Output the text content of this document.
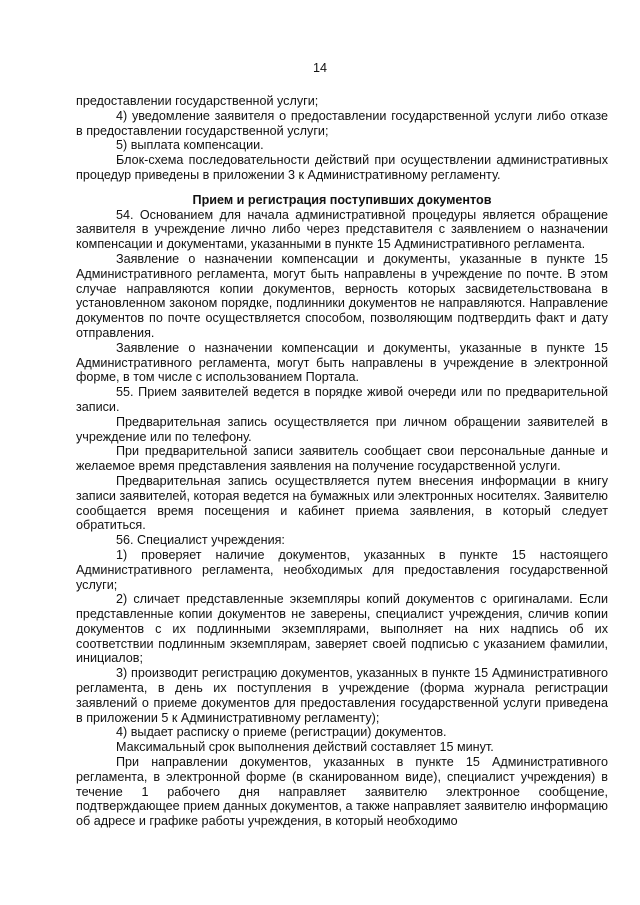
14

предоставлении государственной услуги;

4) уведомление заявителя о предоставлении государственной услуги либо отказе в предоставлении государственной услуги;

5) выплата компенсации.

Блок-схема последовательности действий при осуществлении административных процедур приведены в приложении 3 к Административному регламенту.

Прием и регистрация поступивших документов

54. Основанием для начала административной процедуры является обращение заявителя в учреждение лично либо через представителя с заявлением о назначении компенсации и документами, указанными в пункте 15 Административного регламента.

Заявление о назначении компенсации и документы, указанные в пункте 15 Административного регламента, могут быть направлены в учреждение по почте. В этом случае направляются копии документов, верность которых засвидетельствована в установленном законом порядке, подлинники документов не направляются. Направление документов по почте осуществляется способом, позволяющим подтвердить факт и дату отправления.

Заявление о назначении компенсации и документы, указанные в пункте 15 Административного регламента, могут быть направлены в учреждение в электронной форме, в том числе с использованием Портала.

55. Прием заявителей ведется в порядке живой очереди или по предварительной записи.

Предварительная запись осуществляется при личном обращении заявителей в учреждение или по телефону.

При предварительной записи заявитель сообщает свои персональные данные и желаемое время представления заявления на получение государственной услуги.

Предварительная запись осуществляется путем внесения информации в книгу записи заявителей, которая ведется на бумажных или электронных носителях. Заявителю сообщается время посещения и кабинет приема заявления, в который следует обратиться.

56. Специалист учреждения:

1) проверяет наличие документов, указанных в пункте 15 настоящего Административного регламента, необходимых для предоставления государственной услуги;

2) сличает представленные экземпляры копий документов с оригиналами. Если представленные копии документов не заверены, специалист учреждения, сличив копии документов с их подлинными экземплярами, выполняет на них надпись об их соответствии подлинным экземплярам, заверяет своей подписью с указанием фамилии, инициалов;

3) производит регистрацию документов, указанных в пункте 15 Административного регламента, в день их поступления в учреждение (форма журнала регистрации заявлений о приеме документов для предоставления государственной услуги приведена в приложении 5 к Административному регламенту);

4) выдает расписку о приеме (регистрации) документов.

Максимальный срок выполнения действий составляет 15 минут.

При направлении документов, указанных в пункте 15 Административного регламента, в электронной форме (в сканированном виде), специалист учреждения) в течение 1 рабочего дня направляет заявителю электронное сообщение, подтверждающее прием данных документов, а также направляет заявителю информацию об адресе и графике работы учреждения, в который необходимо
